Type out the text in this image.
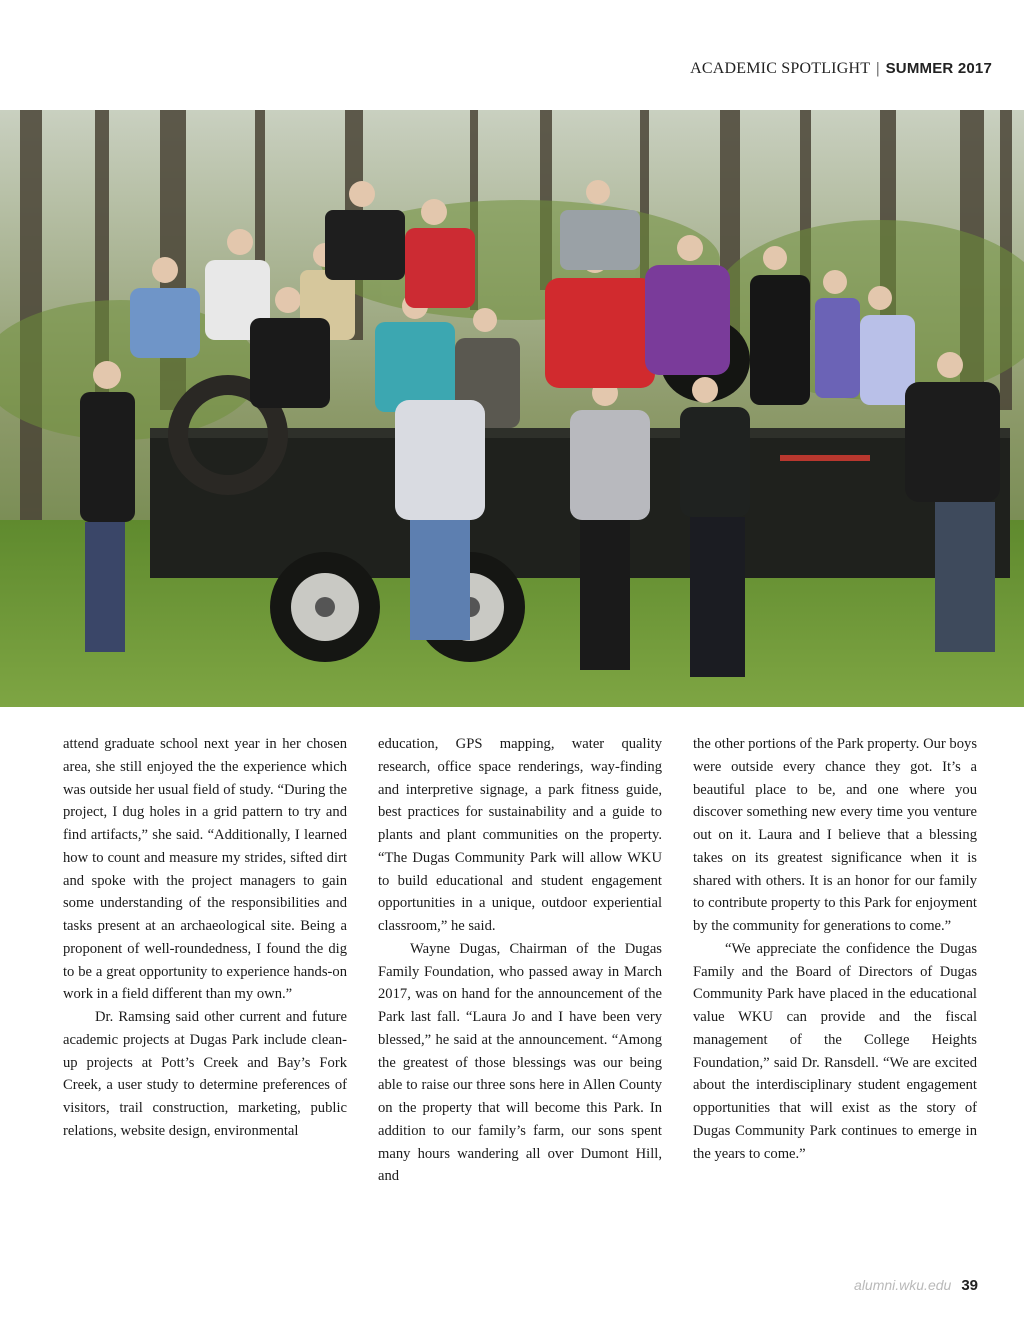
ACADEMIC SPOTLIGHT | SUMMER 2017

attend graduate school next year in her chosen area, she still enjoyed the the experience which was outside her usual field of study. “During the project, I dug holes in a grid pattern to try and find artifacts,” she said. “Additionally, I learned how to count and measure my strides, sifted dirt and spoke with the project managers to gain some understanding of the responsibilities and tasks present at an archaeological site. Being a proponent of well-roundedness, I found the dig to be a great opportunity to experience hands-on work in a field different than my own.”

Dr. Ramsing said other current and future academic projects at Dugas Park include clean-up projects at Pott’s Creek and Bay’s Fork Creek, a user study to determine preferences of visitors, trail construction, marketing, public relations, website design, environmental

education, GPS mapping, water quality research, office space renderings, way-finding and interpretive signage, a park fitness guide, best practices for sustainability and a guide to plants and plant communities on the property. “The Dugas Community Park will allow WKU to build educational and student engagement opportunities in a unique, outdoor experiential classroom,” he said.

Wayne Dugas, Chairman of the Dugas Family Foundation, who passed away in March 2017, was on hand for the announcement of the Park last fall. “Laura Jo and I have been very blessed,” he said at the announcement. “Among the greatest of those blessings was our being able to raise our three sons here in Allen County on the property that will become this Park. In addition to our family’s farm, our sons spent many hours wandering all over Dumont Hill, and

the other portions of the Park property. Our boys were outside every chance they got. It’s a beautiful place to be, and one where you discover something new every time you venture out on it. Laura and I believe that a blessing takes on its greatest significance when it is shared with others. It is an honor for our family to contribute property to this Park for enjoyment by the community for generations to come.”

“We appreciate the confidence the Dugas Family and the Board of Directors of Dugas Community Park have placed in the educational value WKU can provide and the fiscal management of the College Heights Foundation,” said Dr. Ransdell. “We are excited about the interdisciplinary student engagement opportunities that will exist as the story of Dugas Community Park continues to emerge in the years to come.”

alumni.wku.edu 39
